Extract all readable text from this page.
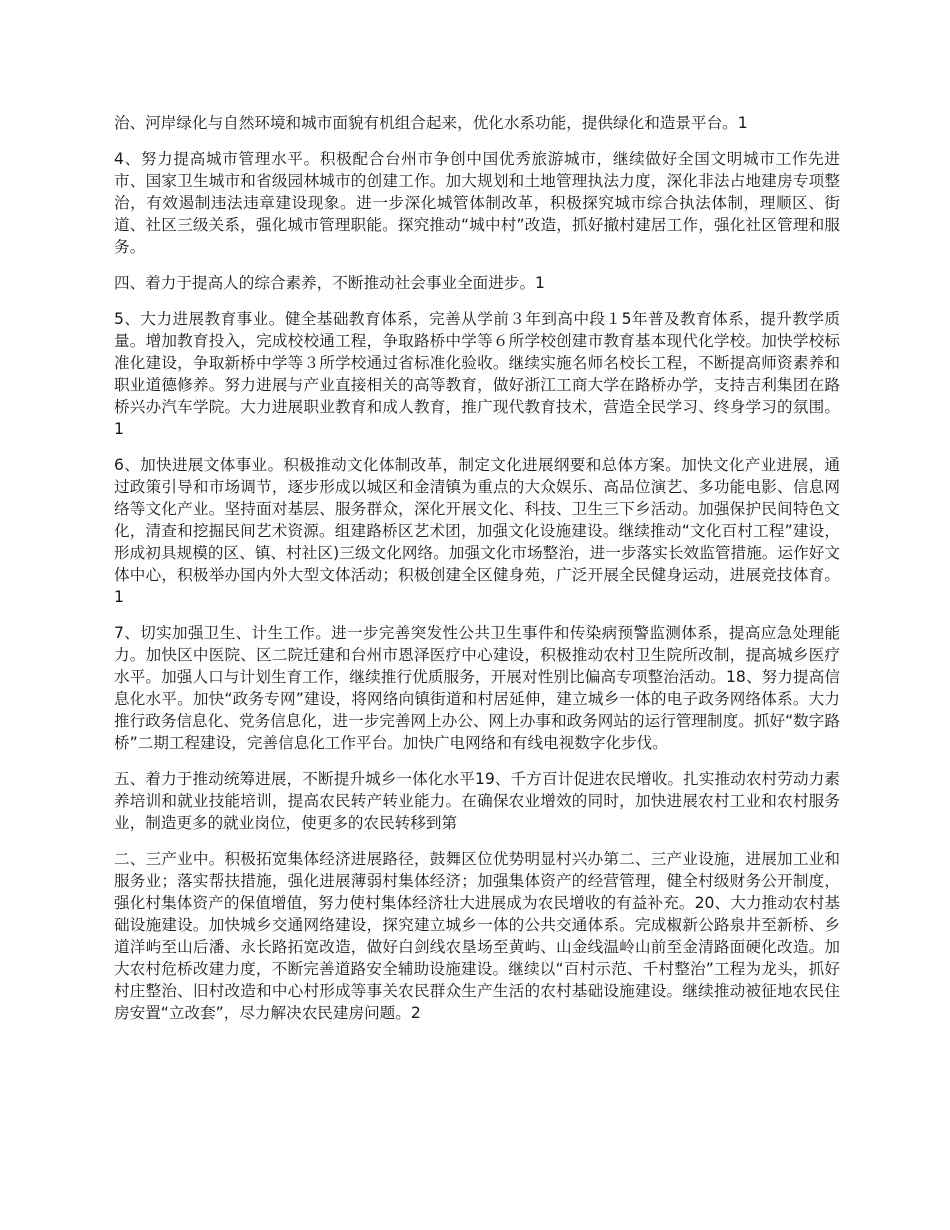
治、河岸绿化与自然环境和城市面貌有机组合起来，优化水系功能，提供绿化和造景平台。1

4、努力提高城市管理水平。积极配合台州市争创中国优秀旅游城市，继续做好全国文明城市工作先进市、国家卫生城市和省级园林城市的创建工作。加大规划和土地管理执法力度，深化非法占地建房专项整治，有效遏制违法违章建设现象。进一步深化城管体制改革，积极探究城市综合执法体制，理顺区、街道、社区三级关系，强化城市管理职能。探究推动“城中村”改造，抓好撤村建居工作，强化社区管理和服务。

四、着力于提高人的综合素养，不断推动社会事业全面进步。1

5、大力进展教育事业。健全基础教育体系，完善从学前３年到高中段１5年普及教育体系，提升教学质量。增加教育投入，完成校校通工程，争取路桥中学等６所学校创建市教育基本现代化学校。加快学校标准化建设，争取新桥中学等３所学校通过省标准化验收。继续实施名师名校长工程，不断提高师资素养和职业道德修养。努力进展与产业直接相关的高等教育，做好浙江工商大学在路桥办学，支持吉利集团在路桥兴办汽车学院。大力进展职业教育和成人教育，推广现代教育技术，营造全民学习、终身学习的氛围。1

6、加快进展文体事业。积极推动文化体制改革，制定文化进展纲要和总体方案。加快文化产业进展，通过政策引导和市场调节，逐步形成以城区和金清镇为重点的大众娱乐、高品位演艺、多功能电影、信息网络等文化产业。坚持面对基层、服务群众，深化开展文化、科技、卫生三下乡活动。加强保护民间特色文化，清查和挖掘民间艺术资源。组建路桥区艺术团，加强文化设施建设。继续推动“文化百村工程”建设，形成初具规模的区、镇、村社区)三级文化网络。加强文化市场整治，进一步落实长效监管措施。运作好文体中心，积极举办国内外大型文体活动；积极创建全区健身苑，广泛开展全民健身运动，进展竞技体育。1

7、切实加强卫生、计生工作。进一步完善突发性公共卫生事件和传染病预警监测体系，提高应急处理能力。加快区中医院、区二院迁建和台州市恩泽医疗中心建设，积极推动农村卫生院所改制，提高城乡医疗水平。加强人口与计划生育工作，继续推行优质服务，开展对性别比偏高专项整治活动。18、努力提高信息化水平。加快“政务专网”建设，将网络向镇街道和村居延伸，建立城乡一体的电子政务网络体系。大力推行政务信息化、党务信息化，进一步完善网上办公、网上办事和政务网站的运行管理制度。抓好“数字路桥”二期工程建设，完善信息化工作平台。加快广电网络和有线电视数字化步伐。

五、着力于推动统筹进展，不断提升城乡一体化水平19、千方百计促进农民增收。扎实推动农村劳动力素养培训和就业技能培训，提高农民转产转业能力。在确保农业增效的同时，加快进展农村工业和农村服务业，制造更多的就业岗位，使更多的农民转移到第

二、三产业中。积极拓宽集体经济进展路径，鼓舞区位优势明显村兴办第二、三产业设施，进展加工业和服务业；落实帮扶措施，强化进展薄弱村集体经济；加强集体资产的经营管理，健全村级财务公开制度，强化村集体资产的保值增值，努力使村集体经济壮大进展成为农民增收的有益补充。20、大力推动农村基础设施建设。加快城乡交通网络建设，探究建立城乡一体的公共交通体系。完成椒新公路泉井至新桥、乡道洋屿至山后潘、永长路拓宽改造，做好白剑线农垦场至黄屿、山金线温岭山前至金清路面硬化改造。加大农村危桥改建力度，不断完善道路安全辅助设施建设。继续以“百村示范、千村整治”工程为龙头，抓好村庄整治、旧村改造和中心村形成等事关农民群众生产生活的农村基础设施建设。继续推动被征地农民住房安置“立改套”，尽力解决农民建房问题。2
